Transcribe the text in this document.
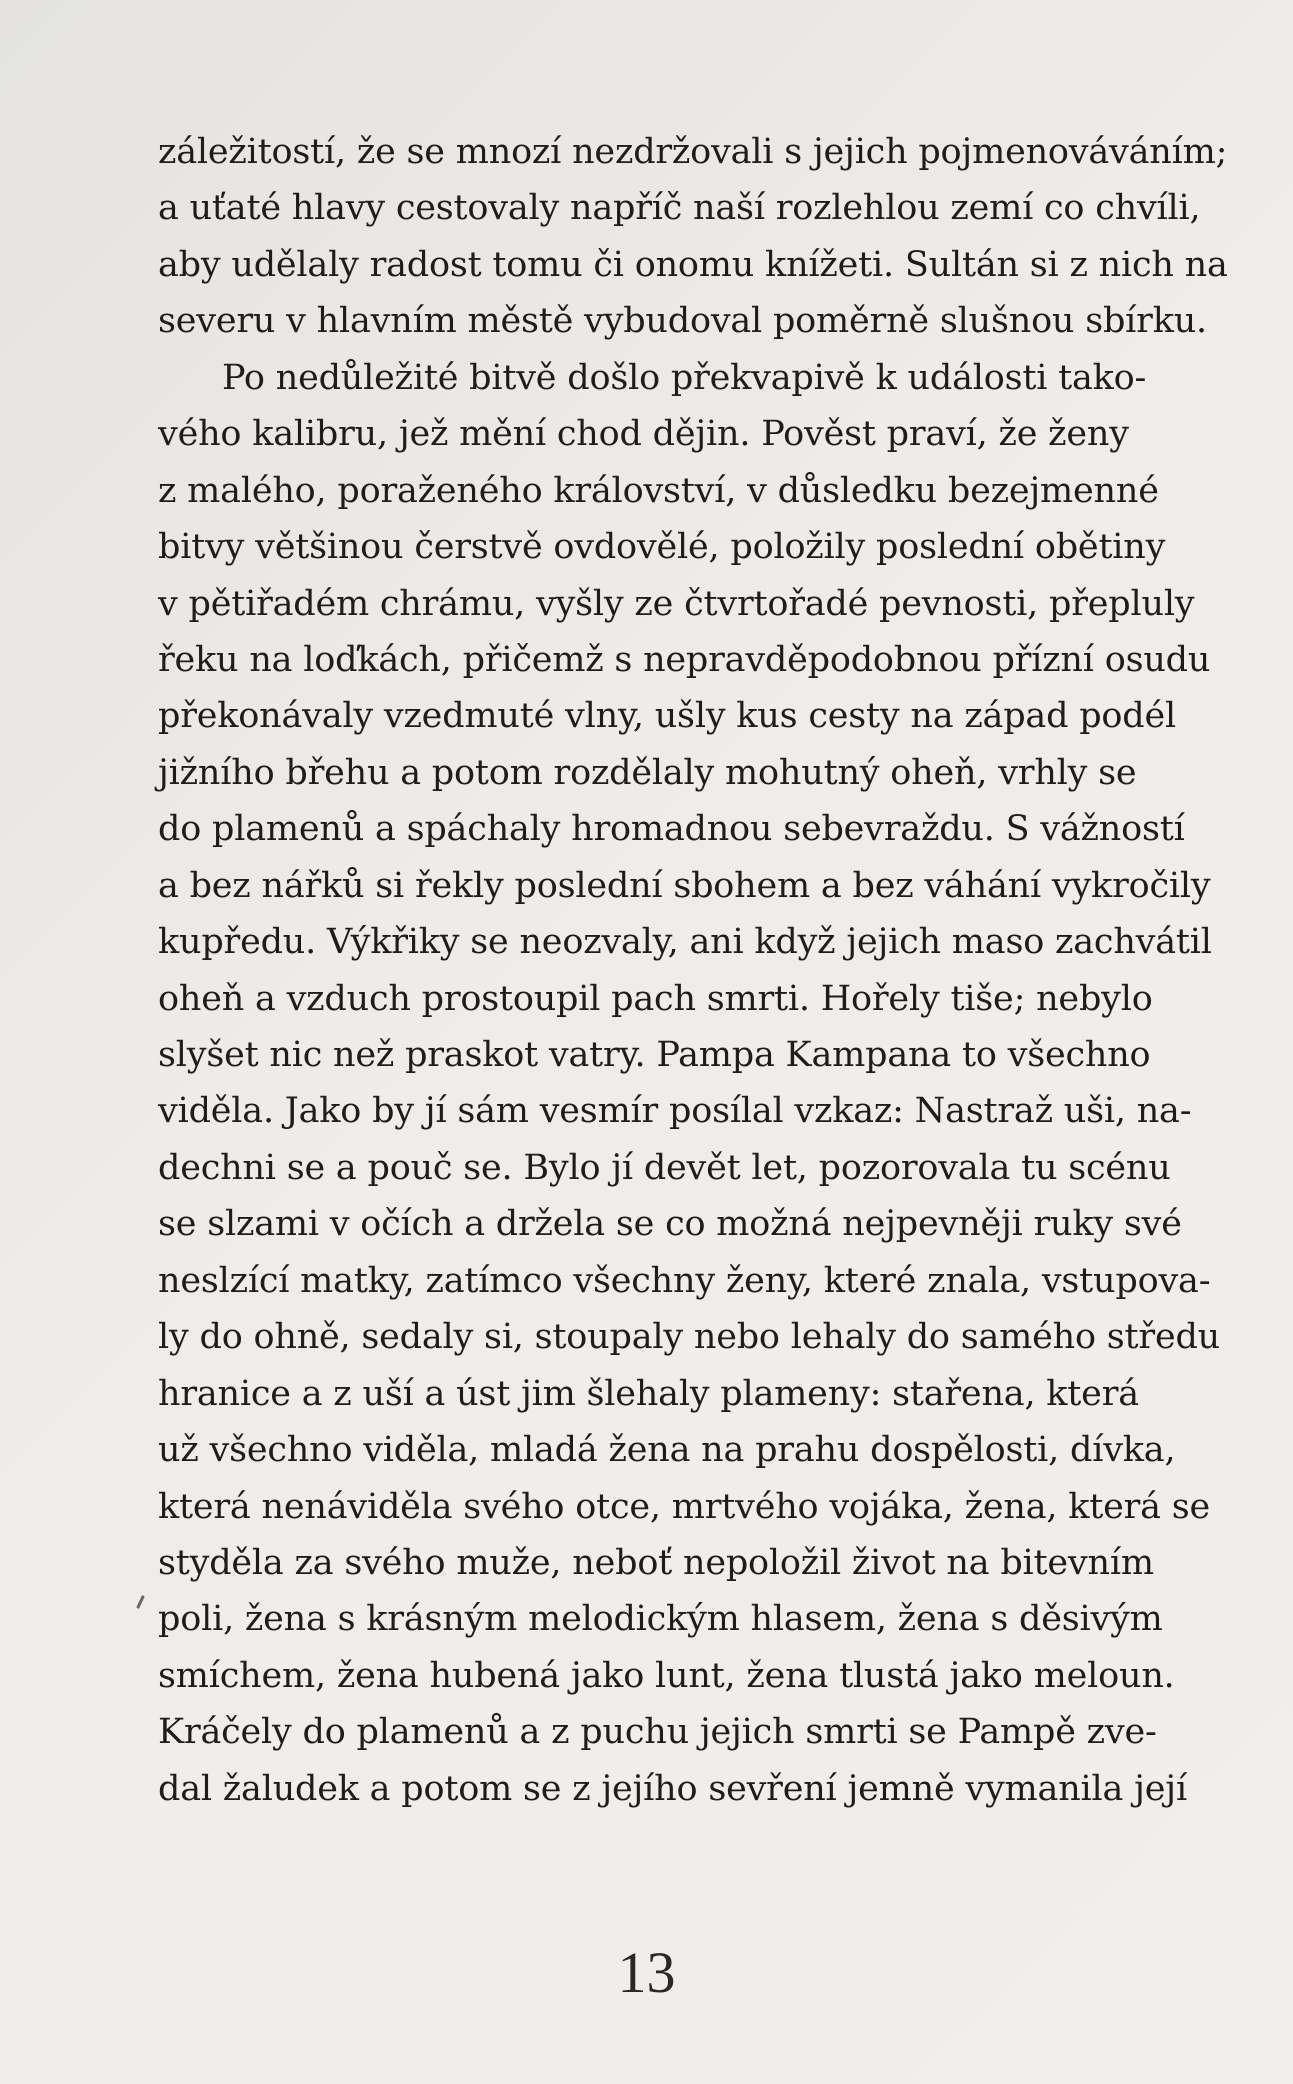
záležitostí, že se mnozí nezdržovali s jejich pojmenováváním;
a uťaté hlavy cestovaly napříč naší rozlehlou zemí co chvíli,
aby udělaly radost tomu či onomu knížeti. Sultán si z nich na
severu v hlavním městě vybudoval poměrně slušnou sbírku.
Po nedůležité bitvě došlo překvapivě k události tako-
vého kalibru, jež mění chod dějin. Pověst praví, že ženy
z malého, poraženého království, v důsledku bezejmenné
bitvy většinou čerstvě ovdovělé, položily poslední obětiny
v pětiřadém chrámu, vyšly ze čtvrtořadé pevnosti, přepluly
řeku na loďkách, přičemž s nepravděpodobnou přízní osudu
překonávaly vzedmuté vlny, ušly kus cesty na západ podél
jižního břehu a potom rozdělaly mohutný oheň, vrhly se
do plamenů a spáchaly hromadnou sebevraždu. S vážností
a bez nářků si řekly poslední sbohem a bez váhání vykročily
kupředu. Výkřiky se neozvaly, ani když jejich maso zachvátil
oheň a vzduch prostoupil pach smrti. Hořely tiše; nebylo
slyšet nic než praskot vatry. Pampa Kampana to všechno
viděla. Jako by jí sám vesmír posílal vzkaz: Nastraž uši, na-
dechni se a pouč se. Bylo jí devět let, pozorovala tu scénu
se slzami v očích a držela se co možná nejpevněji ruky své
neslzící matky, zatímco všechny ženy, které znala, vstupova-
ly do ohně, sedaly si, stoupaly nebo lehaly do samého středu
hranice a z uší a úst jim šlehaly plameny: stařena, která
už všechno viděla, mladá žena na prahu dospělosti, dívka,
která nenáviděla svého otce, mrtvého vojáka, žena, která se
styděla za svého muže, neboť nepoložil život na bitevním
poli, žena s krásným melodickým hlasem, žena s děsivým
smíchem, žena hubená jako lunt, žena tlustá jako meloun.
Kráčely do plamenů a z puchu jejich smrti se Pampě zve-
dal žaludek a potom se z jejího sevření jemně vymanila její
13
